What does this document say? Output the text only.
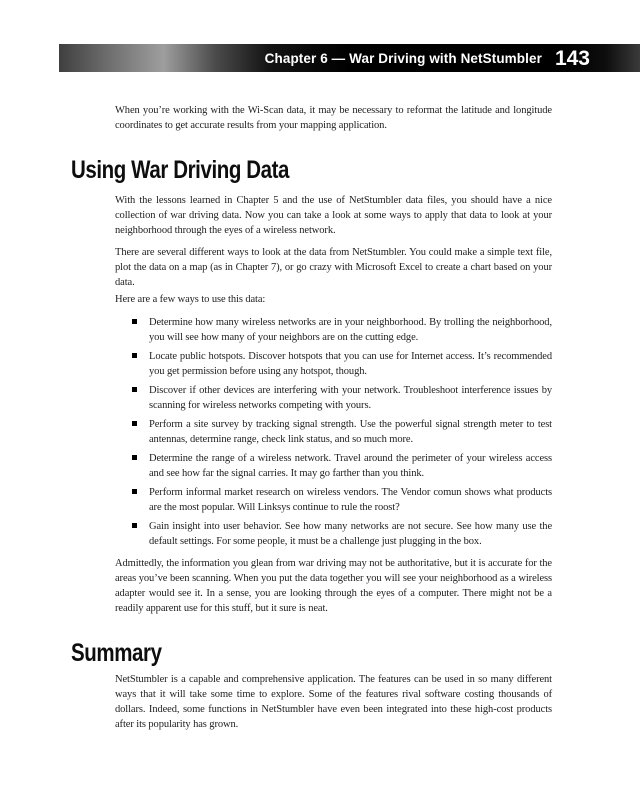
Chapter 6 — War Driving with NetStumbler 143

When you’re working with the Wi-Scan data, it may be necessary to reformat the latitude and longitude coordinates to get accurate results from your mapping application.

Using War Driving Data

With the lessons learned in Chapter 5 and the use of NetStumbler data files, you should have a nice collection of war driving data. Now you can take a look at some ways to apply that data to look at your neighborhood through the eyes of a wireless network.

There are several different ways to look at the data from NetStumbler. You could make a simple text file, plot the data on a map (as in Chapter 7), or go crazy with Microsoft Excel to create a chart based on your data.

Here are a few ways to use this data:

Determine how many wireless networks are in your neighborhood. By trolling the neighborhood, you will see how many of your neighbors are on the cutting edge.
Locate public hotspots. Discover hotspots that you can use for Internet access. It’s recommended you get permission before using any hotspot, though.
Discover if other devices are interfering with your network. Troubleshoot interference issues by scanning for wireless networks competing with yours.
Perform a site survey by tracking signal strength. Use the powerful signal strength meter to test antennas, determine range, check link status, and so much more.
Determine the range of a wireless network. Travel around the perimeter of your wireless access and see how far the signal carries. It may go farther than you think.
Perform informal market research on wireless vendors. The Vendor comun shows what products are the most popular. Will Linksys continue to rule the roost?
Gain insight into user behavior. See how many networks are not secure. See how many use the default settings. For some people, it must be a challenge just plugging in the box.

Admittedly, the information you glean from war driving may not be authoritative, but it is accurate for the areas you’ve been scanning. When you put the data together you will see your neighborhood as a wireless adapter would see it. In a sense, you are looking through the eyes of a computer. There might not be a readily apparent use for this stuff, but it sure is neat.

Summary

NetStumbler is a capable and comprehensive application. The features can be used in so many different ways that it will take some time to explore. Some of the features rival software costing thousands of dollars. Indeed, some functions in NetStumbler have even been integrated into these high-cost products after its popularity has grown.
